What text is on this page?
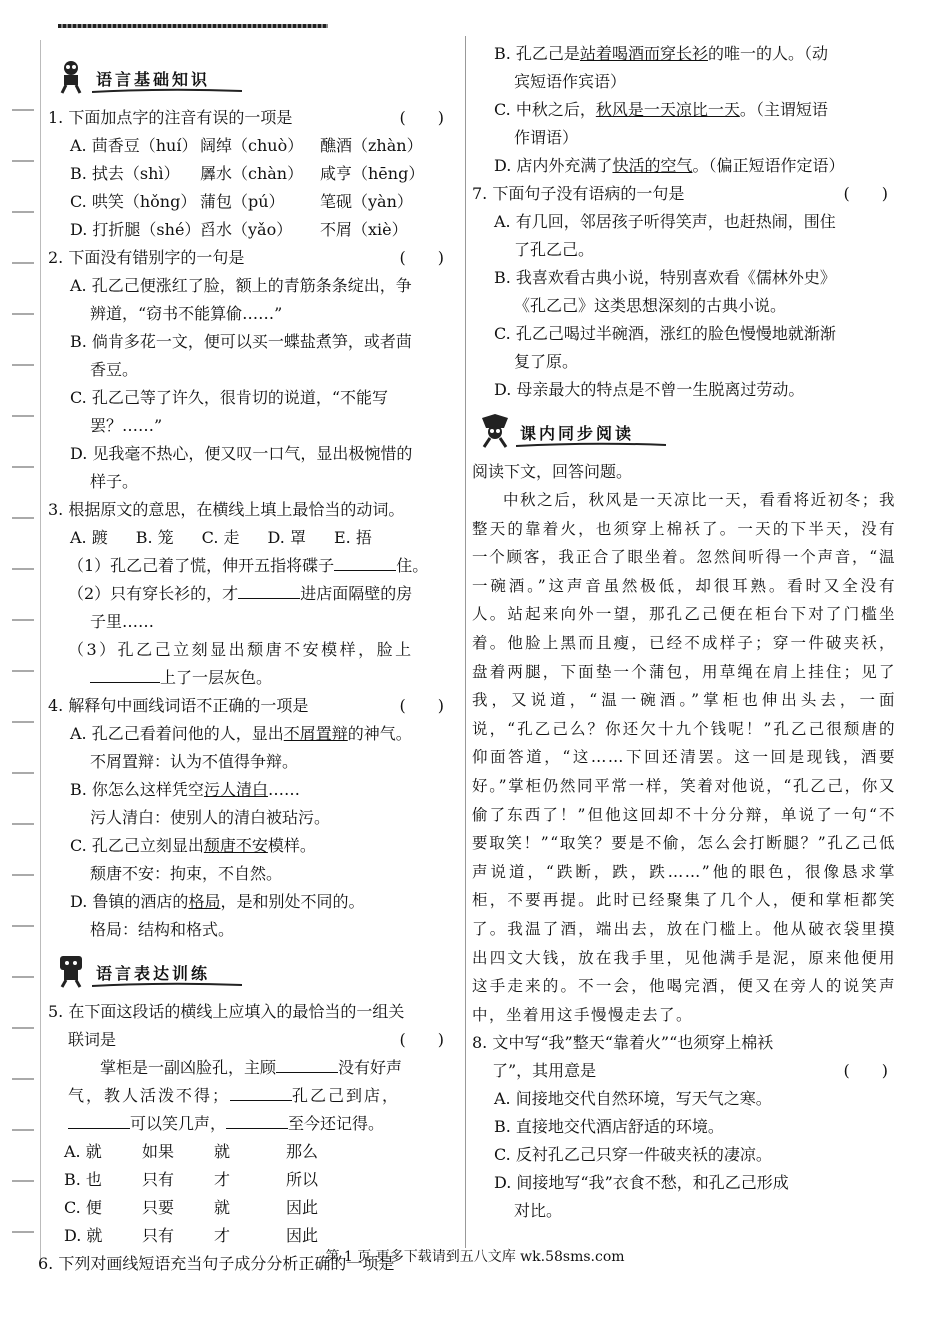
语言基础知识
1. 下面加点字的注音有误的一项是	(　　)
A. 茴香豆（huí） 阔绰（chuò）	醮酒（zhàn）
B. 拭去（shì）	羼水（chàn）	咸亨（hēng）
C. 哄笑（hǒng） 蒲包（pú）	笔砚（yàn）
D. 打折腿（shé） 舀水（yǎo）	不屑（xiè）
2. 下面没有错别字的一句是	(　　)
A. 孔乙己便涨红了脸，额上的青筋条条绽出，争
辨道，“窃书不能算偷……”
B. 倘肯多花一文，便可以买一蝶盐煮笋，或者茴
香豆。
C. 孔乙己等了许久，很肯切的说道，“不能写
罢？……”
D. 见我毫不热心，便又叹一口气，显出极惋惜的
样子。
3. 根据原文的意思，在横线上填上最恰当的动词。
A. 踱 B. 笼 C. 走 D. 罩 E. 捂
（1）孔乙己着了慌，伸开五指将碟子	住。
（2）只有穿长衫的，才	进店面隔壁的房
子里……
（3）孔乙己立刻显出颓唐不安模样，脸上
上了一层灰色。
4. 解释句中画线词语不正确的一项是	(　　)
A. 孔乙己看着问他的人，显出不屑置辩的神气。
不屑置辩：认为不值得争辩。
B. 你怎么这样凭空污人清白……
污人清白：使别人的清白被玷污。
C. 孔乙己立刻显出颓唐不安模样。
颓唐不安：拘束，不自然。
D. 鲁镇的酒店的格局，是和别处不同的。
格局：结构和格式。
语言表达训练
5. 在下面这段话的横线上应填入的最恰当的一组关
联词是	(　　)
掌柜是一副凶脸孔，主顾	没有好声
气，教人活泼不得；	孔乙己到店，
可以笑几声，	至今还记得。
A. 就	如果	就	那么
B. 也	只有	才	所以
C. 便	只要	就	因此
D. 就	只有	才	因此
6. 下列对画线短语充当句子成分分析正确的一项是
B. 孔乙己是站着喝酒而穿长衫的唯一的人。（动
宾短语作宾语）
C. 中秋之后，秋风是一天凉比一天。（主谓短语
作谓语）
D. 店内外充满了快活的空气。（偏正短语作定语）
7. 下面句子没有语病的一句是	(　　)
A. 有几回，邻居孩子听得笑声，也赶热闹，围住
了孔乙己。
B. 我喜欢看古典小说，特别喜欢看《儒林外史》
《孔乙己》这类思想深刻的古典小说。
C. 孔乙己喝过半碗酒，涨红的脸色慢慢地就渐渐
复了原。
D. 母亲最大的特点是不曾一生脱离过劳动。
课内同步阅读
阅读下文，回答问题。

中秋之后，秋风是一天凉比一天，看看将近初冬；我整天的靠着火，也须穿上棉袄了。一天的下半天，没有一个顾客，我正合了眼坐着。忽然间听得一个声音，“温一碗酒。”这声音虽然极低，却很耳熟。看时又全没有人。站起来向外一望，那孔乙己便在柜台下对了门槛坐着。他脸上黑而且瘦，已经不成样子；穿一件破夹袄，盘着两腿，下面垫一个蒲包，用草绳在肩上挂住；见了我，又说道，“温一碗酒。”掌柜也伸出头去，一面说，“孔乙己么？你还欠十九个钱呢！”孔乙己很颓唐的仰面答道，“这……下回还清罢。这一回是现钱，酒要好。”掌柜仍然同平常一样，笑着对他说，“孔乙己，你又偷了东西了！”但他这回却不十分分辩，单说了一句“不要取笑！”“取笑？要是不偷，怎么会打断腿？”孔乙己低声说道，“跌断，跌，跌……”他的眼色，很像恳求掌柜，不要再提。此时已经聚集了几个人，便和掌柜都笑了。我温了酒，端出去，放在门槛上。他从破衣袋里摸出四文大钱，放在我手里，见他满手是泥，原来他便用这手走来的。不一会，他喝完酒，便又在旁人的说笑声中，坐着用这手慢慢走去了。

8. 文中写“我”整天“靠着火”“也须穿上棉袄
了”，其用意是	(　　)
A. 间接地交代自然环境，写天气之寒。
B. 直接地交代酒店舒适的环境。
C. 反衬孔乙己只穿一件破夹袄的凄凉。
D. 间接地写“我”衣食不愁，和孔乙己形成
对比。
第 1 页 更多下载请到五八文库 wk.58sms.com
